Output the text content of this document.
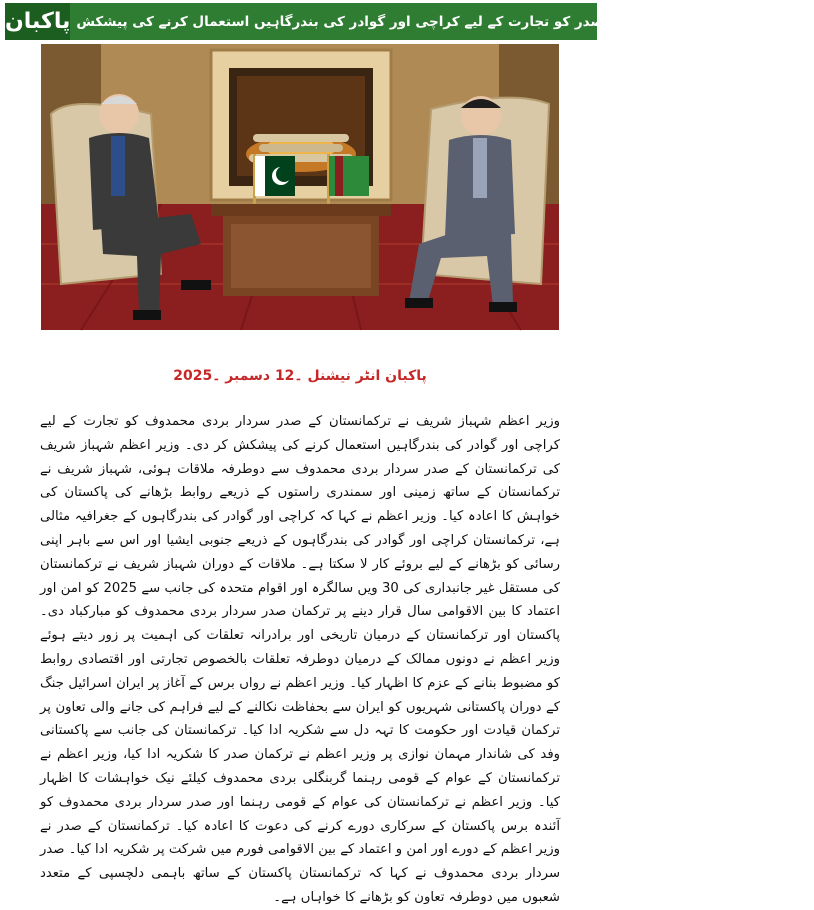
پاکبان وزیر اعظم کی ترکمانستان کے صدر کو تجارت کے لیے کراچی اور گوادر کی بندرگاہیں استعمال کرنے کی پیشکش
پاکبان انٹر نیشنل ۔12 دسمبر ۔2025

وزیر اعظم شہباز شریف نے ترکمانستان کے صدر سردار بردی محمدوف کو تجارت کے لیے کراچی اور گوادر کی بندرگاہیں استعمال کرنے کی پیشکش کر دی۔ وزیر اعظم شہباز شریف کی ترکمانستان کے صدر سردار بردی محمدوف سے دوطرفہ ملاقات ہوئی، شہباز شریف نے ترکمانستان کے ساتھ زمینی اور سمندری راستوں کے ذریعے روابط بڑھانے کی پاکستان کی خواہش کا اعادہ کیا۔ وزیر اعظم نے کہا کہ کراچی اور گوادر کی بندرگاہوں کے جغرافیہ مثالی ہے، ترکمانستان کراچی اور گوادر کی بندرگاہوں کے ذریعے جنوبی ایشیا اور اس سے باہر اپنی رسائی کو بڑھانے کے لیے بروئے کار لا سکتا ہے۔ ملاقات کے دوران شہباز شریف نے ترکمانستان کی مستقل غیر جانبداری کی 30 ویں سالگرہ اور اقوام متحدہ کی جانب سے 2025 کو امن اور اعتماد کا بین الاقوامی سال قرار دینے پر ترکمان صدر سردار بردی محمدوف کو مبارکباد دی۔ پاکستان اور ترکمانستان کے درمیان تاریخی اور برادرانہ تعلقات کی اہمیت پر زور دیتے ہوئے وزیر اعظم نے دونوں ممالک کے درمیان دوطرفہ تعلقات بالخصوص تجارتی اور اقتصادی روابط کو مضبوط بنانے کے عزم کا اظہار کیا۔ وزیر اعظم نے رواں برس کے آغاز پر ایران اسرائیل جنگ کے دوران پاکستانی شہریوں کو ایران سے بحفاظت نکالنے کے لیے فراہم کی جانے والی تعاون پر ترکمان قیادت اور حکومت کا تہہ دل سے شکریہ ادا کیا۔ ترکمانستان کی جانب سے پاکستانی وفد کی شاندار مہمان نوازی پر وزیر اعظم نے ترکمان صدر کا شکریہ ادا کیا، وزیر اعظم نے ترکمانستان کے عوام کے قومی رہنما گربنگلی بردی محمدوف کیلئے نیک خواہشات کا اظہار کیا۔ وزیر اعظم نے ترکمانستان کی عوام کے قومی رہنما اور صدر سردار بردی محمدوف کو آئندہ برس پاکستان کے سرکاری دورے کرنے کی دعوت کا اعادہ کیا۔ ترکمانستان کے صدر نے وزیر اعظم کے دورے اور امن و اعتماد کے بین الاقوامی فورم میں شرکت پر شکریہ ادا کیا۔ صدر سردار بردی محمدوف نے کہا کہ ترکمانستان پاکستان کے ساتھ باہمی دلچسپی کے متعدد شعبوں میں دوطرفہ تعاون کو بڑھانے کا خواہاں ہے۔
